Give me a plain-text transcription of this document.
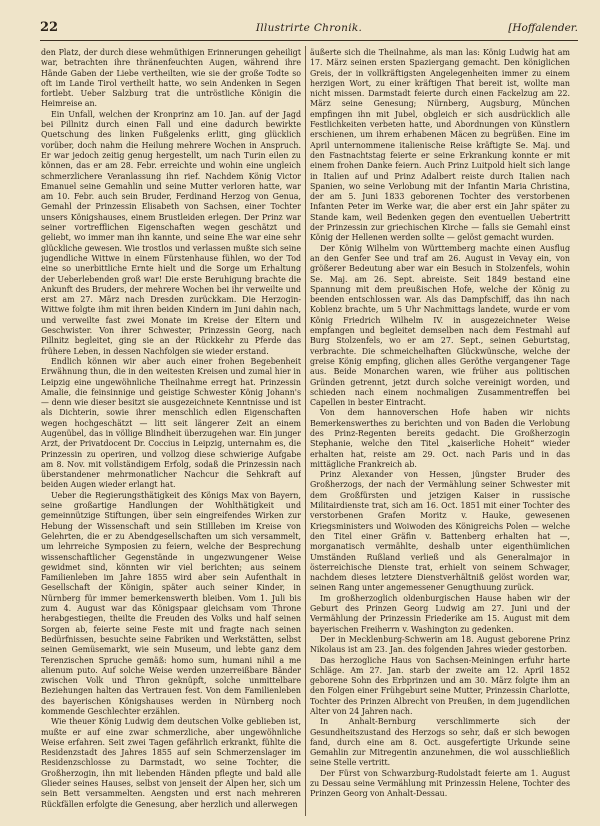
22	Illustrirte Chronik.	[Hoffalender.

den Platz, der durch diese wehmüthigen Erinnerungen geheiligt war, betrachten ihre thränenfeuchten Augen, während ihre Hände Gaben der Liebe vertheilten, wie sie der große Todte so oft im Lande Tirol vertheilt hatte, wo sein Andenken in Segen fortlebt. Ueber Salzburg trat die untröstliche Königin die Heimreise an.

Ein Unfall, welchen der Kronprinz am 10. Jan. auf der Jagd bei Pillnitz durch einen Fall und eine dadurch bewirkte Quetschung des linken Fußgelenks erlitt, ging glücklich vorüber, doch nahm die Heilung mehrere Wochen in Anspruch. Er war jedoch zeitig genug hergestellt, um nach Turin eilen zu können, das er am 28. Febr. erreichte und wohin eine ungleich schmerzlichere Veranlassung ihn rief. Nachdem König Victor Emanuel seine Gemahlin und seine Mutter verloren hatte, war am 10. Febr. auch sein Bruder, Ferdinand Herzog von Genua, Gemahl der Prinzessin Elisabeth von Sachsen, einer Tochter unsers Königshauses, einem Brustleiden erlegen. Der Prinz war seiner vortrefflichen Eigenschaften wegen geschätzt und geliebt, wo immer man ihn kannte, und seine Ehe war eine sehr glückliche gewesen. Wie trostlos und verlassen mußte sich seine jugendliche Wittwe in einem Fürstenhause fühlen, wo der Tod eine so unerbittliche Ernte hielt und die Sorge um Erhaltung der Ueberlebenden groß war! Die erste Beruhigung brachte die Ankunft des Bruders, der mehrere Wochen bei ihr verweilte und erst am 27. März nach Dresden zurückkam. Die Herzogin-Wittwe folgte ihm mit ihren beiden Kindern im Juni dahin nach, und verweilte fast zwei Monate im Kreise der Eltern und Geschwister. Von ihrer Schwester, Prinzessin Georg, nach Pillnitz begleitet, ging sie an der Rückkehr zu Pferde das frühere Leben, in dessen Nachfolgen sie wieder erstand.

Endlich können wir aber auch einer frohen Begebenheit Erwähnung thun, die in den weitesten Kreisen und zumal hier in Leipzig eine ungewöhnliche Theilnahme erregt hat. Prinzessin Amalie, die feinsinnige und geistige Schwester König Johann's — denn wie dieser besitzt sie ausgezeichnete Kenntnisse und ist als Dichterin, sowie ihrer menschlich edlen Eigenschaften wegen hochgeschätzt — litt seit längerer Zeit an einem Augenübel, das in völlige Blindheit überzugehen war. Ein junger Arzt, der Privatdocent Dr. Coccius in Leipzig, unternahm es, die Prinzessin zu operiren, und vollzog diese schwierige Aufgabe am 8. Nov. mit vollständigem Erfolg, sodaß die Prinzessin nach überstandener mehrmonatlicher Nachcur die Sehkraft auf beiden Augen wieder erlangt hat.

Ueber die Regierungsthätigkeit des Königs Max von Bayern, seine großartige Handlungen der Wohlthätigkeit und gemeinnützige Stiftungen, über sein eingreifendes Wirken zur Hebung der Wissenschaft und sein Stillleben im Kreise von Gelehrten, die er zu Abendgesellschaften um sich versammelt, um lehrreiche Symposien zu feiern, welche der Besprechung wissenschaftlicher Gegenstände in ungezwungener Weise gewidmet sind, könnten wir viel berichten; aus seinem Familienleben im Jahre 1855 wird aber sein Aufenthalt in Gesellschaft der Königin, später auch seiner Kinder, in Nürnberg für immer bemerkenswerth bleiben. Vom 1. Juli bis zum 4. August war das Königspaar gleichsam vom Throne herabgestiegen, theilte die Freuden des Volks und half seinen Sorgen ab, feierte seine Feste mit und fragte nach seinen Bedürfnissen, besuchte seine Fabriken und Werkstätten, selbst seinen Gemüsemarkt, wie sein Museum, und lebte ganz dem Terenzischen Spruche gemäß: homo sum, humani nihil a me alienum puto. Auf solche Weise werden unzerreißbare Bänder zwischen Volk und Thron geknüpft, solche unmittelbare Beziehungen halten das Vertrauen fest. Von dem Familienleben des bayerischen Königshauses werden in Nürnberg noch kommende Geschlechter erzählen.

Wie theuer König Ludwig dem deutschen Volke geblieben ist, mußte er auf eine zwar schmerzliche, aber ungewöhnliche Weise erfahren. Seit zwei Tagen gefährlich erkrankt, fühlte die Residenzstadt des Jahres 1855 auf sein Schmerzenslager im Residenzschlosse zu Darmstadt, wo seine Tochter, die Großherzogin, ihn mit liebenden Händen pflegte und bald alle Glieder seines Hauses, selbst von jenseit der Alpen her, sich um sein Bett versammelten. Aengsten und erst nach mehreren Rückfällen erfolgte die Genesung, aber herzlich und allerwegen

äußerte sich die Theilnahme, als man las: König Ludwig hat am 17. März seinen ersten Spaziergang gemacht. Den königlichen Greis, der in vollkräftigsten Angelegenheiten immer zu einem herzigen Wort, zu einer kräftigen That bereit ist, wollte man nicht missen. Darmstadt feierte durch einen Fackelzug am 22. März seine Genesung; Nürnberg, Augsburg, München empfingen ihn mit Jubel, obgleich er sich ausdrücklich alle Festlichkeiten verbeten hatte, und Abordnungen von Künstlern erschienen, um ihrem erhabenen Mäcen zu begrüßen. Eine im April unternommene italienische Reise kräftigte Se. Maj. und den Fastnachtstag feierte er seine Erkrankung konnte er mit einem frohen Danke feiern. Auch Prinz Luitpold hielt sich lange in Italien auf und Prinz Adalbert reiste durch Italien nach Spanien, wo seine Verlobung mit der Infantin Maria Christina, der am 5. Juni 1833 geborenen Tochter des verstorbenen Infanten Peter im Werke war, die aber erst ein Jahr später zu Stande kam, weil Bedenken gegen den eventuellen Uebertritt der Prinzessin zur griechischen Kirche — falls sie Gemahl einst König der Hellenen werden sollte — gelöst gemacht wurden.

Der König Wilhelm von Württemberg machte einen Ausflug an den Genfer See und traf am 26. August in Vevay ein, von größerer Bedeutung aber war ein Besuch in Stolzenfels, wohin Se. Maj. am 26. Sept. abreiste. Seit 1849 bestand eine Spannung mit dem preußischen Hofe, welche der König zu beenden entschlossen war. Als das Dampfschiff, das ihn nach Koblenz brachte, um 5 Uhr Nachmittags landete, wurde er vom König Friedrich Wilhelm IV. in ausgezeichneter Weise empfangen und begleitet demselben nach dem Festmahl auf Burg Stolzenfels, wo er am 27. Sept., seinen Geburtstag, verbrachte. Die schmeichelhaften Glückwünsche, welche der greise König empfing, glichen alles Geröthe vergangener Tage aus. Beide Monarchen waren, wie früher aus politischen Gründen getrennt, jetzt durch solche vereinigt worden, und schieden nach einem nochmaligen Zusammentreffen bei Capellen in bester Eintracht.

Von dem hannoverschen Hofe haben wir nichts Bemerkenswerthes zu berichten und von Baden die Verlobung des Prinz-Regenten bereits gedacht. Die Großherzogin Stephanie, welche den Titel „kaiserliche Hoheit“ wieder erhalten hat, reiste am 29. Oct. nach Paris und in das mittägliche Frankreich ab.

Prinz Alexander von Hessen, jüngster Bruder des Großherzogs, der nach der Vermählung seiner Schwester mit dem Großfürsten und jetzigen Kaiser in russische Militairdienste trat, sich am 16. Oct. 1851 mit einer Tochter des verstorbenen Grafen Moritz v. Hauke, gewesenen Kriegsministers und Woiwoden des Königreichs Polen — welche den Titel einer Gräfin v. Battenberg erhalten hat —, morganatisch vermählte, deshalb unter eigenthümlichen Umständen Rußland verließ und als Generalmajor in österreichische Dienste trat, erhielt von seinem Schwager, nachdem dieses letztere Dienstverhältniß gelöst worden war, seinen Rang unter angemessener Genugthuung zurück.

Im großherzoglich oldenburgischen Hause haben wir der Geburt des Prinzen Georg Ludwig am 27. Juni und der Vermählung der Prinzessin Friederike am 15. August mit dem bayerischen Freiherrn v. Washington zu gedenken.

Der in Mecklenburg-Schwerin am 18. August geborene Prinz Nikolaus ist am 23. Jan. des folgenden Jahres wieder gestorben.

Das herzogliche Haus von Sachsen-Meiningen erfuhr harte Schläge. Am 27. Jan. starb der zweite am 12. April 1852 geborene Sohn des Erbprinzen und am 30. März folgte ihm an den Folgen einer Frühgeburt seine Mutter, Prinzessin Charlotte, Tochter des Prinzen Albrecht von Preußen, in dem jugendlichen Alter von 24 Jahren nach.

In Anhalt-Bernburg verschlimmerte sich der Gesundheitszustand des Herzogs so sehr, daß er sich bewogen fand, durch eine am 8. Oct. ausgefertigte Urkunde seine Gemahlin zur Mitregentin anzunehmen, die wol ausschließlich seine Stelle vertritt.

Der Fürst von Schwarzburg-Rudolstadt feierte am 1. August zu Dessau seine Vermählung mit Prinzessin Helene, Tochter des Prinzen Georg von Anhalt-Dessau.
